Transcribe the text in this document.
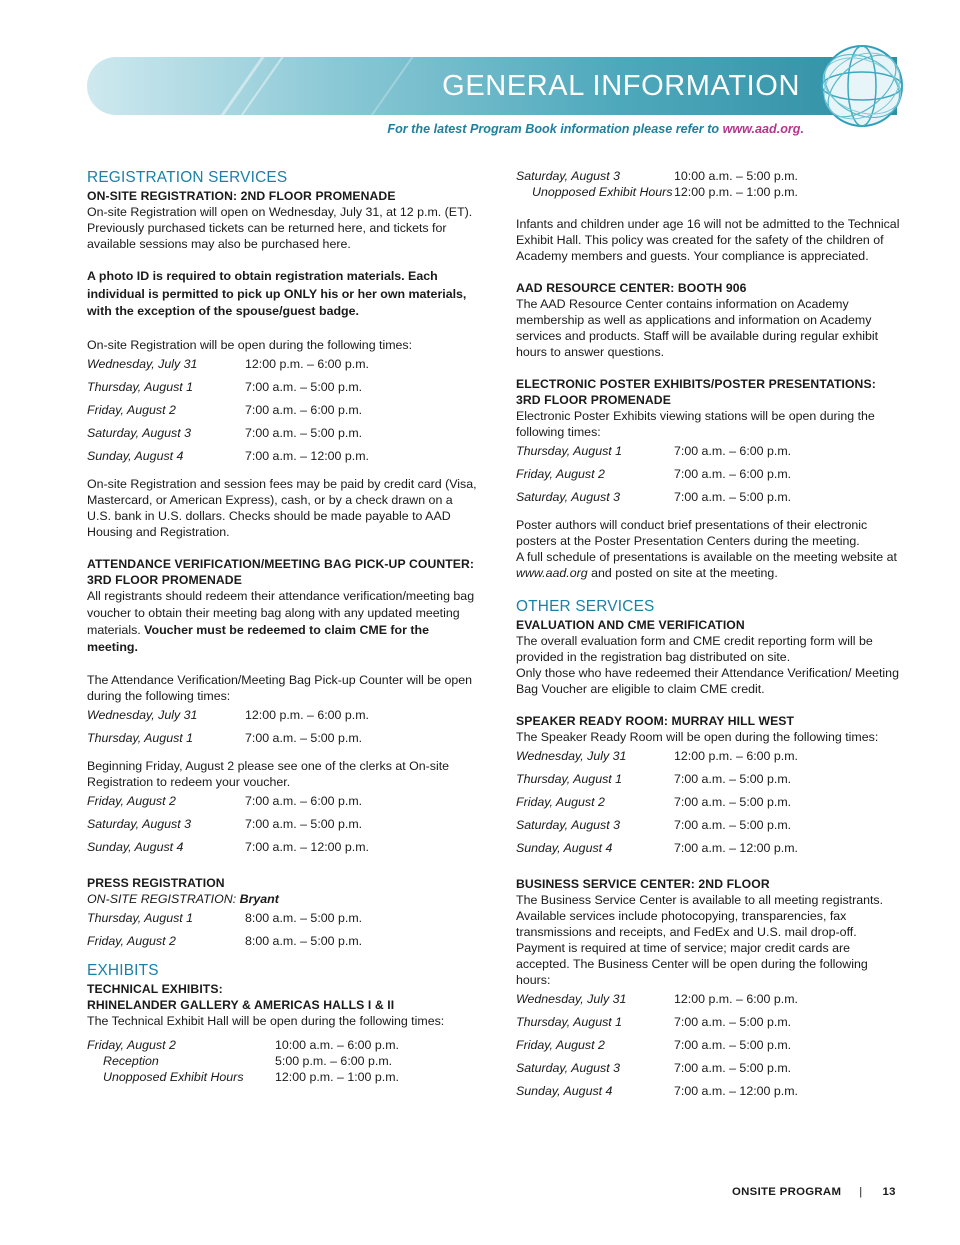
GENERAL INFORMATION
For the latest Program Book information please refer to www.aad.org.
REGISTRATION SERVICES
ON-SITE REGISTRATION: 2ND FLOOR PROMENADE
On-site Registration will open on Wednesday, July 31, at 12 p.m. (ET). Previously purchased tickets can be returned here, and tickets for available sessions may also be purchased here.
A photo ID is required to obtain registration materials. Each individual is permitted to pick up ONLY his or her own materials, with the exception of the spouse/guest badge.
On-site Registration will be open during the following times:
Wednesday, July 31	12:00 p.m. – 6:00 p.m.
Thursday, August 1	7:00 a.m. – 5:00 p.m.
Friday, August 2	7:00 a.m. – 6:00 p.m.
Saturday, August 3	7:00 a.m. – 5:00 p.m.
Sunday, August 4	7:00 a.m. – 12:00 p.m.
On-site Registration and session fees may be paid by credit card (Visa, Mastercard, or American Express), cash, or by a check drawn on a U.S. bank in U.S. dollars. Checks should be made payable to AAD Housing and Registration.
ATTENDANCE VERIFICATION/MEETING BAG PICK-UP COUNTER: 3RD FLOOR PROMENADE
All registrants should redeem their attendance verification/meeting bag voucher to obtain their meeting bag along with any updated meeting materials. Voucher must be redeemed to claim CME for the meeting.
The Attendance Verification/Meeting Bag Pick-up Counter will be open during the following times:
Wednesday, July 31	12:00 p.m. – 6:00 p.m.
Thursday, August 1	7:00 a.m. – 5:00 p.m.
Beginning Friday, August 2 please see one of the clerks at On-site Registration to redeem your voucher.
Friday, August 2	7:00 a.m. – 6:00 p.m.
Saturday, August 3	7:00 a.m. – 5:00 p.m.
Sunday, August 4	7:00 a.m. – 12:00 p.m.
PRESS REGISTRATION
ON-SITE REGISTRATION: Bryant
Thursday, August 1	8:00 a.m. – 5:00 p.m.
Friday, August 2	8:00 a.m. – 5:00 p.m.
EXHIBITS
TECHNICAL EXHIBITS:
RHINELANDER GALLERY & AMERICAS HALLS I & II
The Technical Exhibit Hall will be open during the following times:
Friday, August 2	10:00 a.m. – 6:00 p.m.
Reception	5:00 p.m. – 6:00 p.m.
Unopposed Exhibit Hours	12:00 p.m. – 1:00 p.m.
Saturday, August 3	10:00 a.m. – 5:00 p.m.
Unopposed Exhibit Hours	12:00 p.m. – 1:00 p.m.
Infants and children under age 16 will not be admitted to the Technical Exhibit Hall. This policy was created for the safety of the children of Academy members and guests. Your compliance is appreciated.
AAD RESOURCE CENTER: BOOTH 906
The AAD Resource Center contains information on Academy membership as well as applications and information on Academy services and products. Staff will be available during regular exhibit hours to answer questions.
ELECTRONIC POSTER EXHIBITS/POSTER PRESENTATIONS:
3RD FLOOR PROMENADE
Electronic Poster Exhibits viewing stations will be open during the following times:
Thursday, August 1	7:00 a.m. – 6:00 p.m.
Friday, August 2	7:00 a.m. – 6:00 p.m.
Saturday, August 3	7:00 a.m. – 5:00 p.m.
Poster authors will conduct brief presentations of their electronic posters at the Poster Presentation Centers during the meeting.
A full schedule of presentations is available on the meeting website at www.aad.org and posted on site at the meeting.
OTHER SERVICES
EVALUATION AND CME VERIFICATION
The overall evaluation form and CME credit reporting form will be provided in the registration bag distributed on site.
Only those who have redeemed their Attendance Verification/ Meeting Bag Voucher are eligible to claim CME credit.
SPEAKER READY ROOM: MURRAY HILL WEST
The Speaker Ready Room will be open during the following times:
Wednesday, July 31	12:00 p.m. – 6:00 p.m.
Thursday, August 1	7:00 a.m. – 5:00 p.m.
Friday, August 2	7:00 a.m. – 5:00 p.m.
Saturday, August 3	7:00 a.m. – 5:00 p.m.
Sunday, August 4	7:00 a.m. – 12:00 p.m.
BUSINESS SERVICE CENTER: 2ND FLOOR
The Business Service Center is available to all meeting registrants. Available services include photocopying, transparencies, fax transmissions and receipts, and FedEx and U.S. mail drop-off. Payment is required at time of service; major credit cards are accepted. The Business Center will be open during the following hours:
Wednesday, July 31	12:00 p.m. – 6:00 p.m.
Thursday, August 1	7:00 a.m. – 5:00 p.m.
Friday, August 2	7:00 a.m. – 5:00 p.m.
Saturday, August 3	7:00 a.m. – 5:00 p.m.
Sunday, August 4	7:00 a.m. – 12:00 p.m.
ONSITE PROGRAM | 13
